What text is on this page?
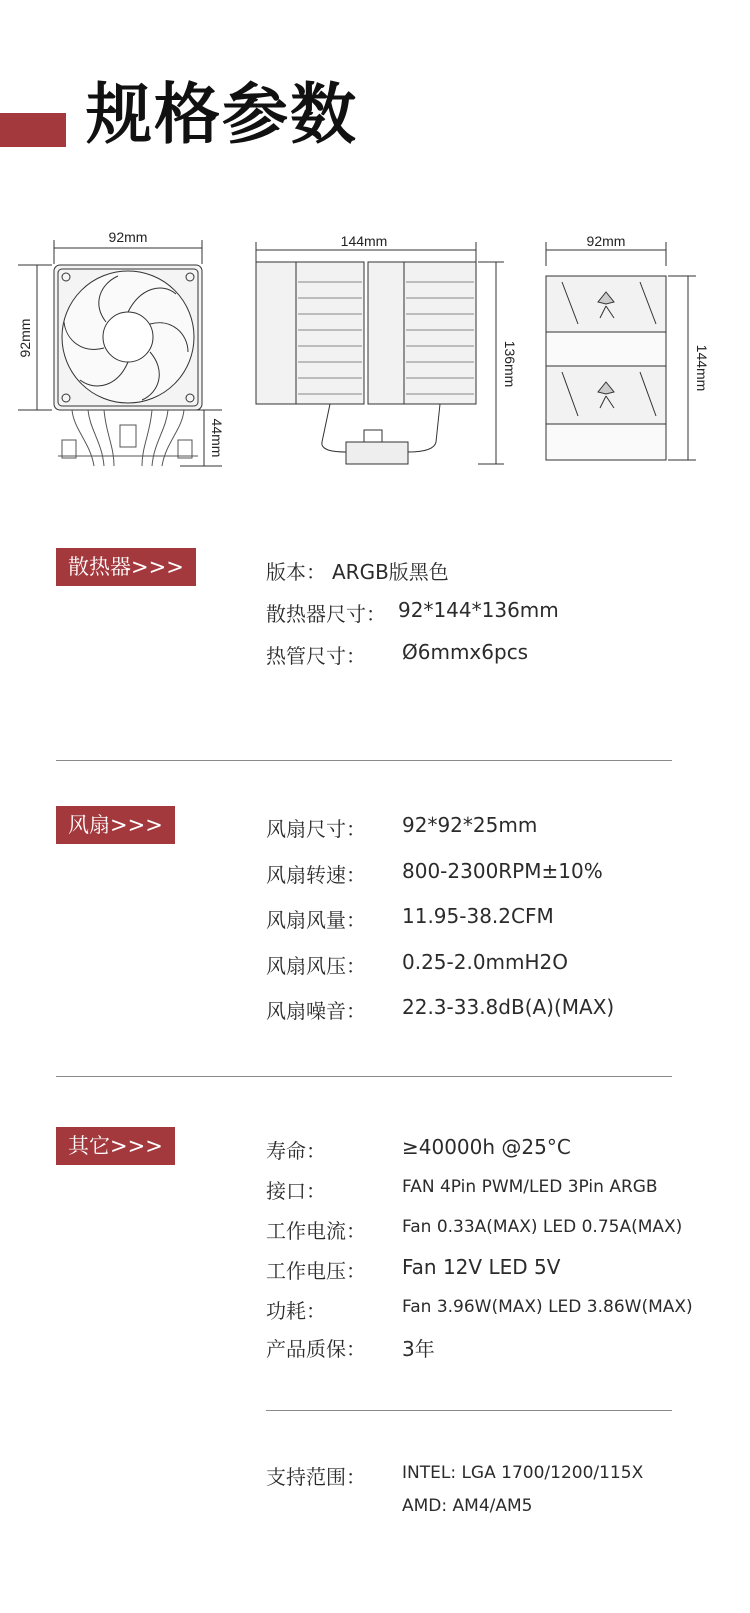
规格参数
92mm
92mm
44mm
144mm
136mm
92mm
144mm
散热器>>>	版本： ARGB版黑色
散热器尺寸： 92*144*136mm
热管尺寸： Ø6mmx6pcs
风扇>>>	风扇尺寸： 92*92*25mm
风扇转速： 800-2300RPM±10%
风扇风量： 11.95-38.2CFM
风扇风压： 0.25-2.0mmH2O
风扇噪音： 22.3-33.8dB(A)(MAX)
其它>>>	寿命：	≥40000h @25°C
接口：	FAN 4Pin PWM/LED 3Pin ARGB
工作电流： Fan 0.33A(MAX) LED 0.75A(MAX)
工作电压： Fan 12V LED 5V
功耗：	Fan 3.96W(MAX) LED 3.86W(MAX)
产品质保： 3年
支持范围： INTEL: LGA 1700/1200/115X
AMD: AM4/AM5
